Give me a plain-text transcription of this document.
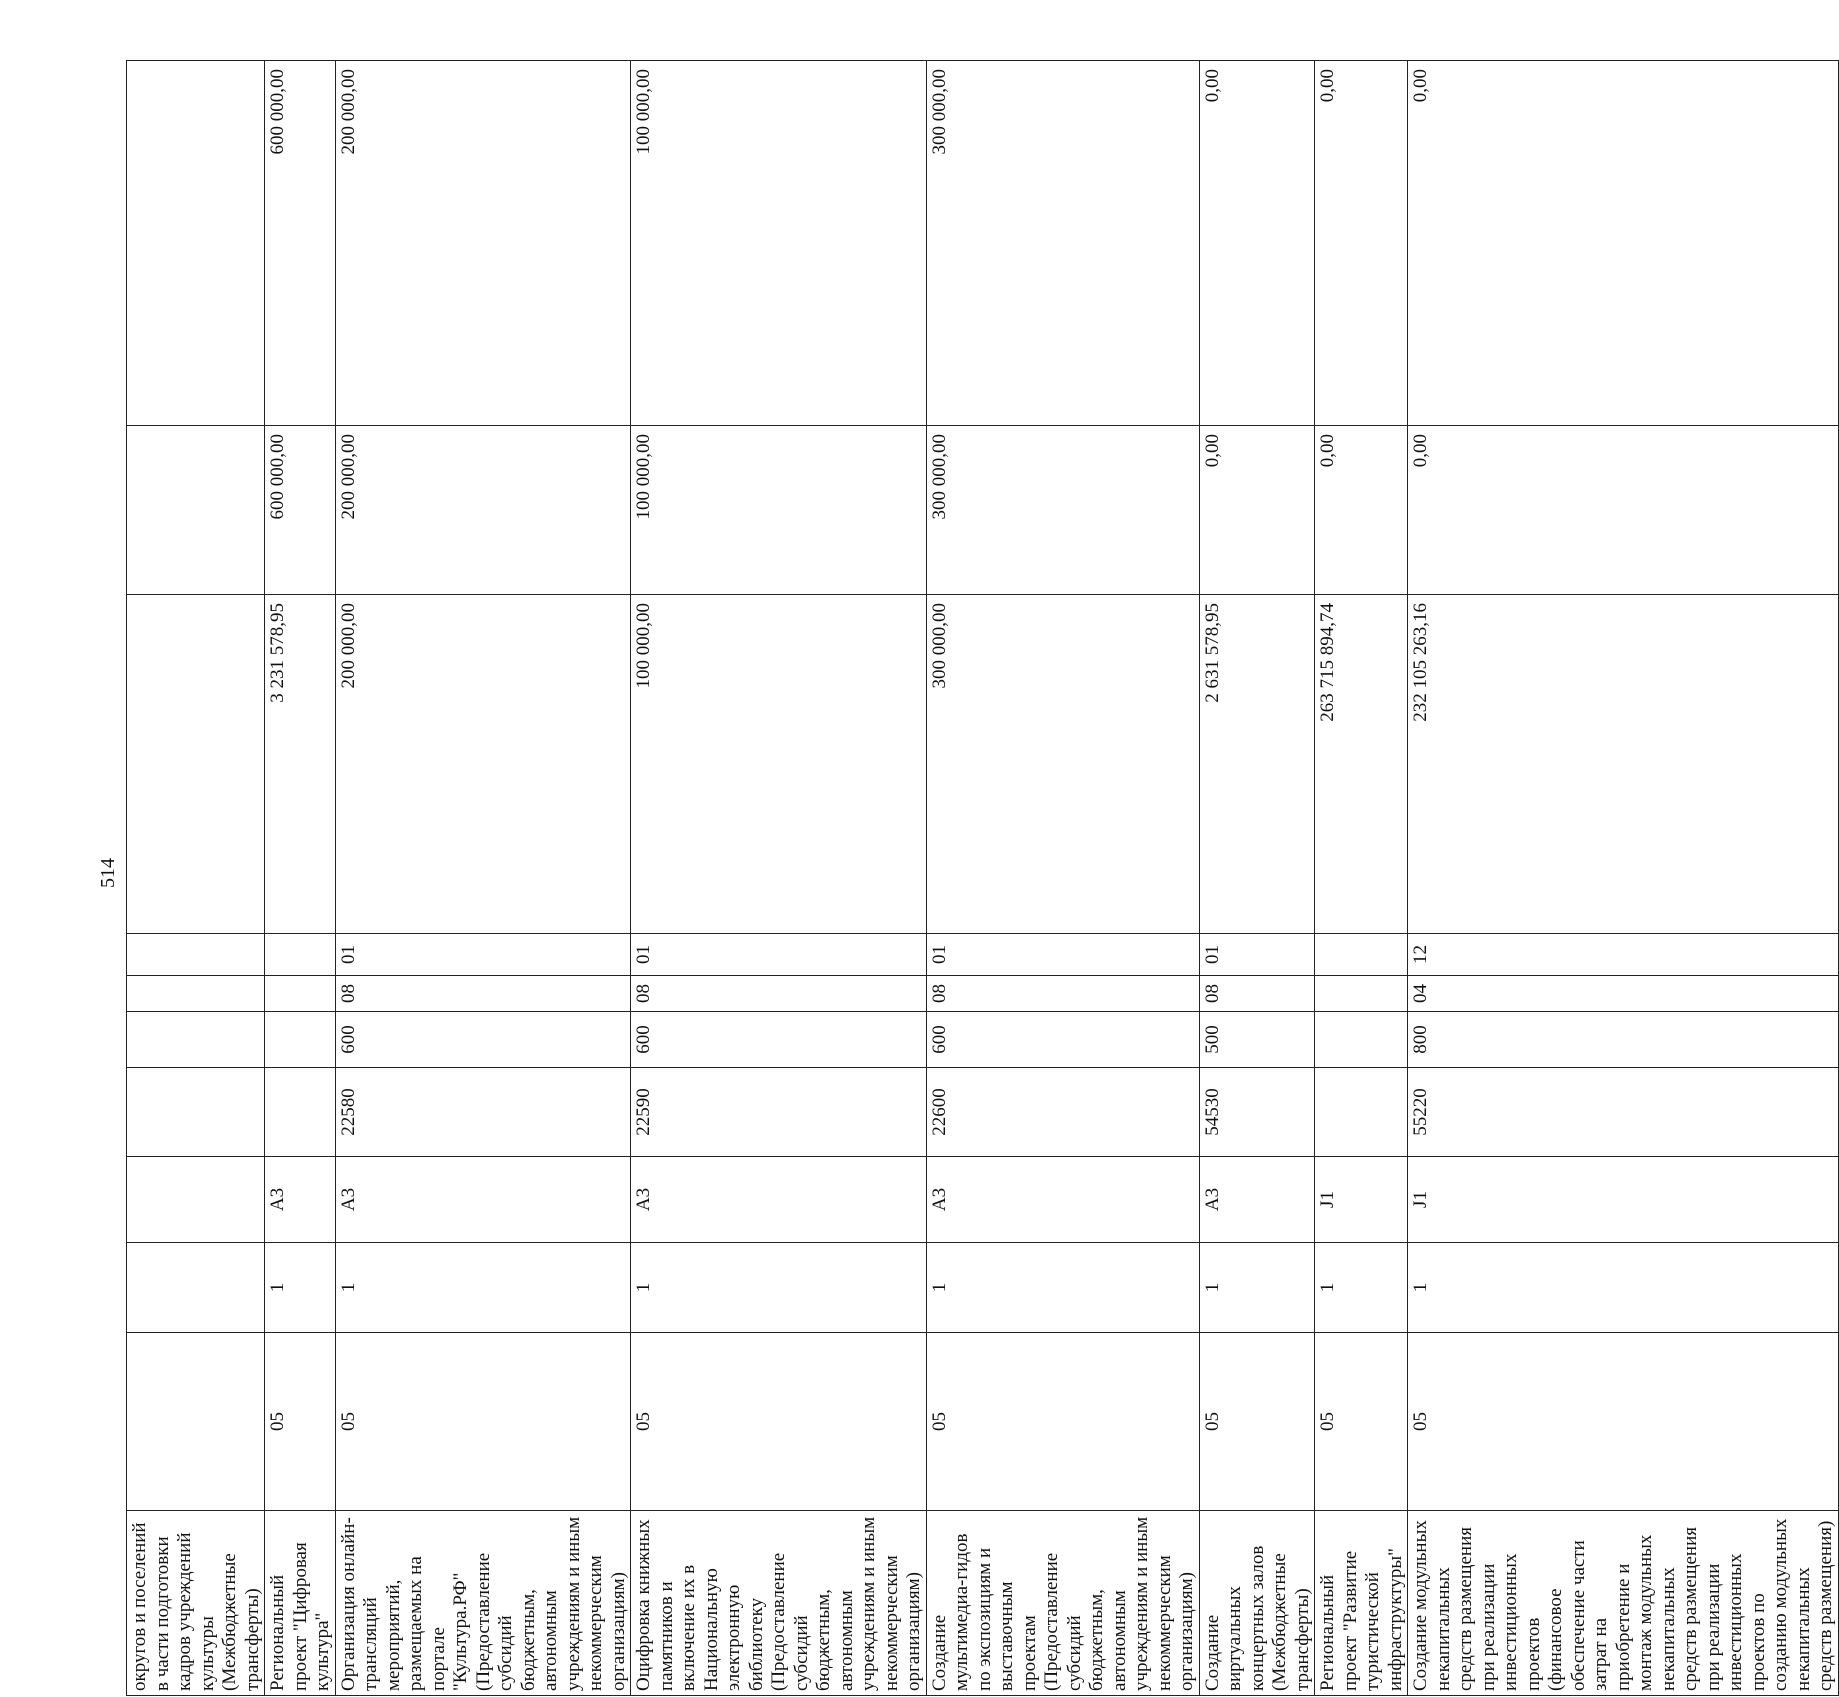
514
округов и поселений в части подготовки кадров учреждений культуры (Межбюджетные трансферты)										
Региональный проект "Цифровая культура"	05	1	А3					3 231 578,95	600 000,00	600 000,00
Организация онлайн-трансляций мероприятий, размещаемых на портале "Культура.РФ" (Предоставление субсидий бюджетным, автономным учреждениям и иным некоммерческим организациям)	05	1	А3	22580	600	08	01	200 000,00	200 000,00	200 000,00
Оцифровка книжных памятников и включение их в Национальную электронную библиотеку (Предоставление субсидий бюджетным, автономным учреждениям и иным некоммерческим организациям)	05	1	А3	22590	600	08	01	100 000,00	100 000,00	100 000,00
Создание мультимедиа-гидов по экспозициям и выставочным проектам (Предоставление субсидий бюджетным, автономным учреждениям и иным некоммерческим организациям)	05	1	А3	22600	600	08	01	300 000,00	300 000,00	300 000,00
Создание виртуальных концертных залов (Межбюджетные трансферты)	05	1	А3	54530	500	08	01	2 631 578,95	0,00	0,00
Региональный проект "Развитие туристической инфраструктуры"	05	1	J1					263 715 894,74	0,00	0,00
Создание модульных некапитальных средств размещения при реализации инвестиционных проектов (финансовое обеспечение части затрат на приобретение и монтаж модульных некапитальных средств размещения при реализации инвестиционных проектов по созданию модульных некапитальных средств размещения)	05	1	J1	55220	800	04	12	232 105 263,16	0,00	0,00
